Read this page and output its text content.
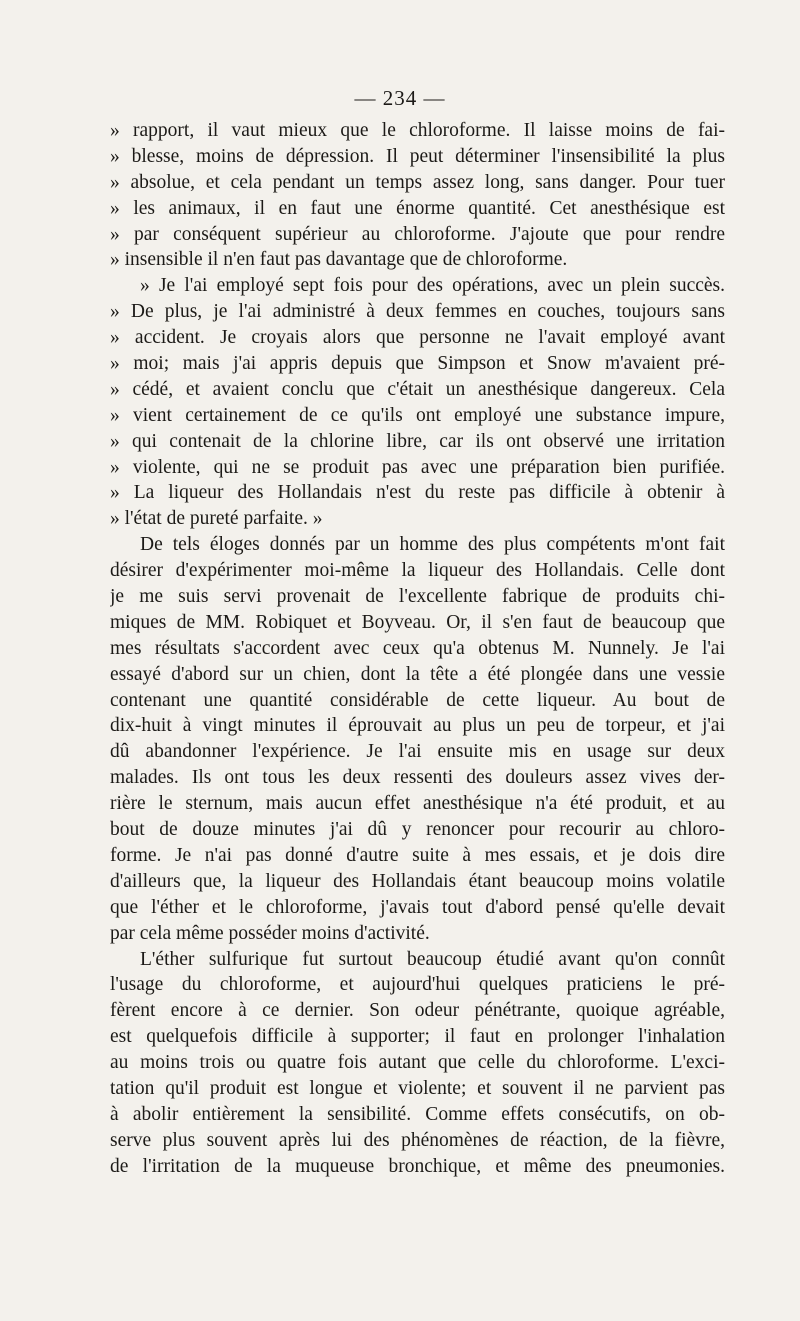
— 234 —
» rapport, il vaut mieux que le chloroforme. Il laisse moins de fai-
» blesse, moins de dépression. Il peut déterminer l'insensibilité la plus
» absolue, et cela pendant un temps assez long, sans danger. Pour tuer
» les animaux, il en faut une énorme quantité. Cet anesthésique est
» par conséquent supérieur au chloroforme. J'ajoute que pour rendre
» insensible il n'en faut pas davantage que de chloroforme.
» Je l'ai employé sept fois pour des opérations, avec un plein succès.
» De plus, je l'ai administré à deux femmes en couches, toujours sans
» accident. Je croyais alors que personne ne l'avait employé avant
» moi; mais j'ai appris depuis que Simpson et Snow m'avaient pré-
» cédé, et avaient conclu que c'était un anesthésique dangereux. Cela
» vient certainement de ce qu'ils ont employé une substance impure,
» qui contenait de la chlorine libre, car ils ont observé une irritation
» violente, qui ne se produit pas avec une préparation bien purifiée.
» La liqueur des Hollandais n'est du reste pas difficile à obtenir à
» l'état de pureté parfaite. »
De tels éloges donnés par un homme des plus compétents m'ont fait
désirer d'expérimenter moi-même la liqueur des Hollandais. Celle dont
je me suis servi provenait de l'excellente fabrique de produits chi-
miques de MM. Robiquet et Boyveau. Or, il s'en faut de beaucoup que
mes résultats s'accordent avec ceux qu'a obtenus M. Nunnely. Je l'ai
essayé d'abord sur un chien, dont la tête a été plongée dans une vessie
contenant une quantité considérable de cette liqueur. Au bout de
dix-huit à vingt minutes il éprouvait au plus un peu de torpeur, et j'ai
dû abandonner l'expérience. Je l'ai ensuite mis en usage sur deux
malades. Ils ont tous les deux ressenti des douleurs assez vives der-
rière le sternum, mais aucun effet anesthésique n'a été produit, et au
bout de douze minutes j'ai dû y renoncer pour recourir au chloro-
forme. Je n'ai pas donné d'autre suite à mes essais, et je dois dire
d'ailleurs que, la liqueur des Hollandais étant beaucoup moins volatile
que l'éther et le chloroforme, j'avais tout d'abord pensé qu'elle devait
par cela même posséder moins d'activité.
L'éther sulfurique fut surtout beaucoup étudié avant qu'on connût
l'usage du chloroforme, et aujourd'hui quelques praticiens le pré-
fèrent encore à ce dernier. Son odeur pénétrante, quoique agréable,
est quelquefois difficile à supporter; il faut en prolonger l'inhalation
au moins trois ou quatre fois autant que celle du chloroforme. L'exci-
tation qu'il produit est longue et violente; et souvent il ne parvient pas
à abolir entièrement la sensibilité. Comme effets consécutifs, on ob-
serve plus souvent après lui des phénomènes de réaction, de la fièvre,
de l'irritation de la muqueuse bronchique, et même des pneumonies.
